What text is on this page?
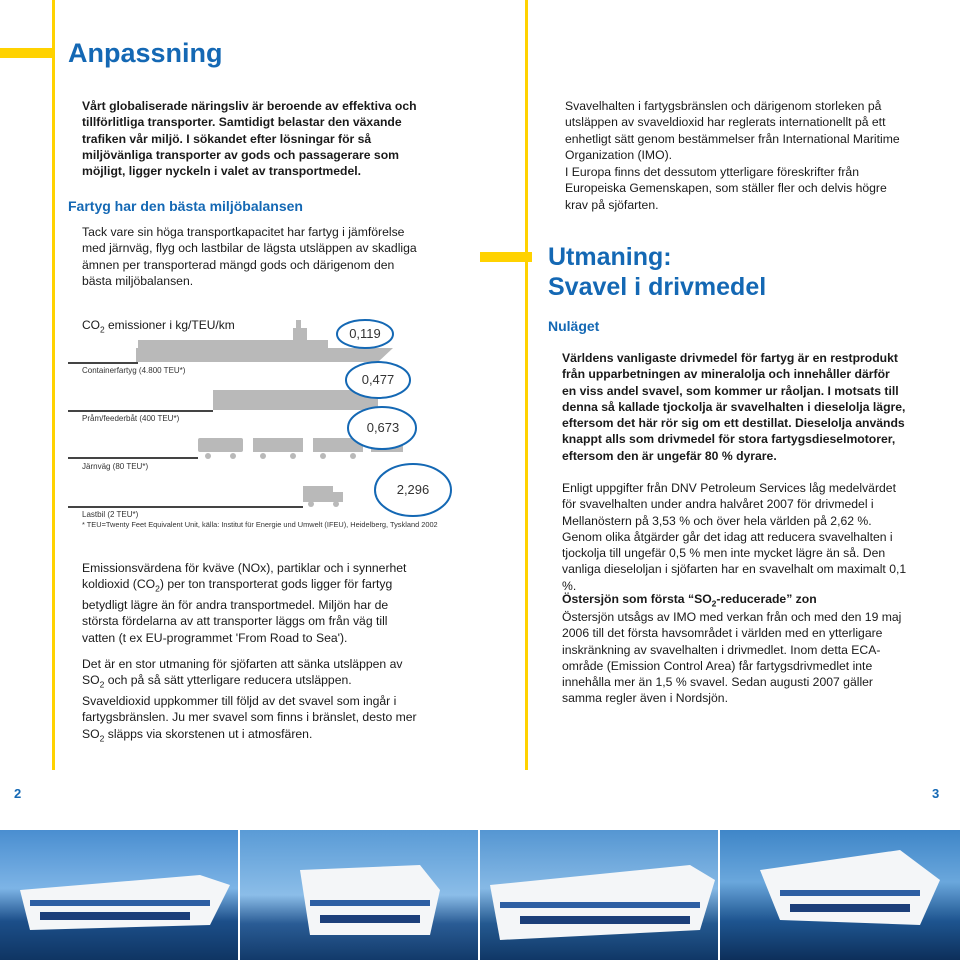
Anpassning

Vårt globaliserade näringsliv är beroende av effektiva och tillförlitliga transporter. Samtidigt belastar den växande trafiken vår miljö. I sökandet efter lösningar för så miljövänliga transporter av gods och passagerare som möjligt, ligger nyckeln i valet av transportmedel.

Fartyg har den bästa miljöbalansen

Tack vare sin höga transportkapacitet har fartyg i jämförelse med järnväg, flyg och lastbilar de lägsta utsläppen av skadliga ämnen per transporterad mängd gods och därigenom den bästa miljöbalansen.

$CO_2$ emissioner i kg/TEU/km
Containerfartyg (4.800 TEU*)
Pråm/feederbåt (400 TEU*)
Järnväg (80 TEU*)
Lastbil (2 TEU*)
0,119
0,477
0,673
2,296
* TEU=Twenty Feet Equivalent Unit, källa: Institut für Energie und Umwelt (IFEU), Heidelberg, Tyskland 2002

Emissionsvärdena för kväve (NOx), partiklar och i synnerhet koldioxid $(CO_2)$ per ton transporterat gods ligger för fartyg betydligt lägre än för andra transportmedel. Miljön har de största fördelarna av att transporter läggs om från väg till vatten (t ex EU-programmet 'From Road to Sea').

Det är en stor utmaning för sjöfarten att sänka utsläppen av $SO_2$ och på så sätt ytterligare reducera utsläppen. Svaveldioxid uppkommer till följd av det svavel som ingår i fartygsbränslen. Ju mer svavel som finns i bränslet, desto mer $SO_2$ släpps via skorstenen ut i atmosfären.

2

Svavelhalten i fartygsbränslen och därigenom storleken på utsläppen av svaveldioxid har reglerats internationellt på ett enhetligt sätt genom bestämmelser från International Maritime Organization (IMO).

I Europa finns det dessutom ytterligare föreskrifter från Europeiska Gemenskapen, som ställer fler och delvis högre krav på sjöfarten.

Utmaning:
Svavel i drivmedel
Nuläget

Världens vanligaste drivmedel för fartyg är en restprodukt från upparbetningen av mineralolja och innehåller därför en viss andel svavel, som kommer ur råoljan. I motsats till denna så kallade tjockolja är svavelhalten i dieselolja lägre, eftersom det här rör sig om ett destillat. Dieselolja används knappt alls som drivmedel för stora fartygsdieselmotorer, eftersom den är ungefär 80 % dyrare.

Enligt uppgifter från DNV Petroleum Services låg medelvärdet för svavelhalten under andra halvåret 2007 för drivmedel i Mellanöstern på 3,53 % och över hela världen på 2,62 %. Genom olika åtgärder går det idag att reducera svavelhalten i tjockolja till ungefär 0,5 % men inte mycket lägre än så. Den vanliga dieseloljan i sjöfarten har en svavelhalt om maximalt 0,1 %.

Östersjön som första “$SO_2$-reducerade” zon

Östersjön utsågs av IMO med verkan från och med den 19 maj 2006 till det första havsområdet i världen med en ytterligare inskränkning av svavelhalten i drivmedlet. Inom detta ECA-område (Emission Control Area) får fartygsdrivmedlet inte innehålla mer än 1,5 % svavel. Sedan augusti 2007 gäller samma regler även i Nordsjön.

3
